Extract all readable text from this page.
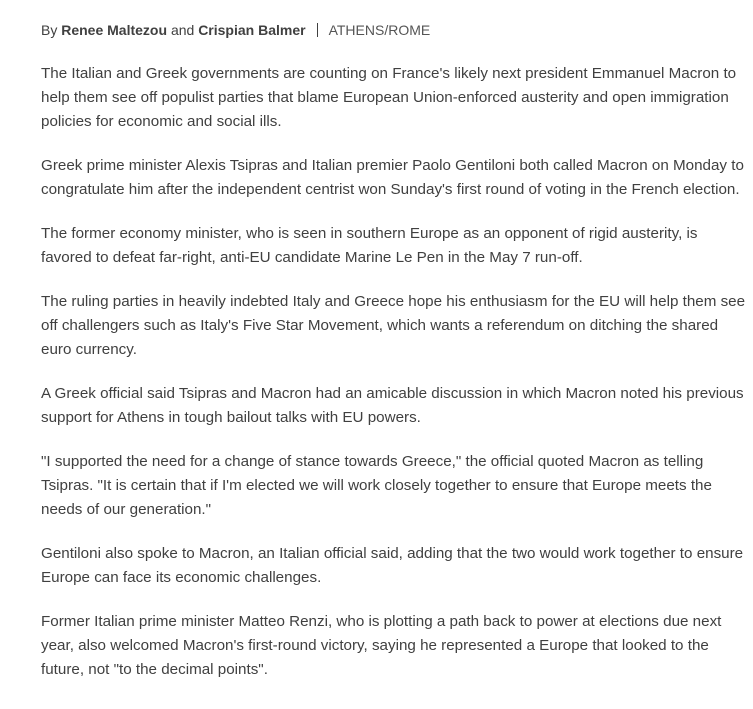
By Renee Maltezou and Crispian Balmer ATHENS/ROME

The Italian and Greek governments are counting on France's likely next president Emmanuel Macron to help them see off populist parties that blame European Union-enforced austerity and open immigration policies for economic and social ills.

Greek prime minister Alexis Tsipras and Italian premier Paolo Gentiloni both called Macron on Monday to congratulate him after the independent centrist won Sunday's first round of voting in the French election.

The former economy minister, who is seen in southern Europe as an opponent of rigid austerity, is favored to defeat far-right, anti-EU candidate Marine Le Pen in the May 7 run-off.

The ruling parties in heavily indebted Italy and Greece hope his enthusiasm for the EU will help them see off challengers such as Italy's Five Star Movement, which wants a referendum on ditching the shared euro currency.

A Greek official said Tsipras and Macron had an amicable discussion in which Macron noted his previous support for Athens in tough bailout talks with EU powers.

"I supported the need for a change of stance towards Greece," the official quoted Macron as telling Tsipras. "It is certain that if I'm elected we will work closely together to ensure that Europe meets the needs of our generation."

Gentiloni also spoke to Macron, an Italian official said, adding that the two would work together to ensure Europe can face its economic challenges.

Former Italian prime minister Matteo Renzi, who is plotting a path back to power at elections due next year, also welcomed Macron's first-round victory, saying he represented a Europe that looked to the future, not "to the decimal points".
